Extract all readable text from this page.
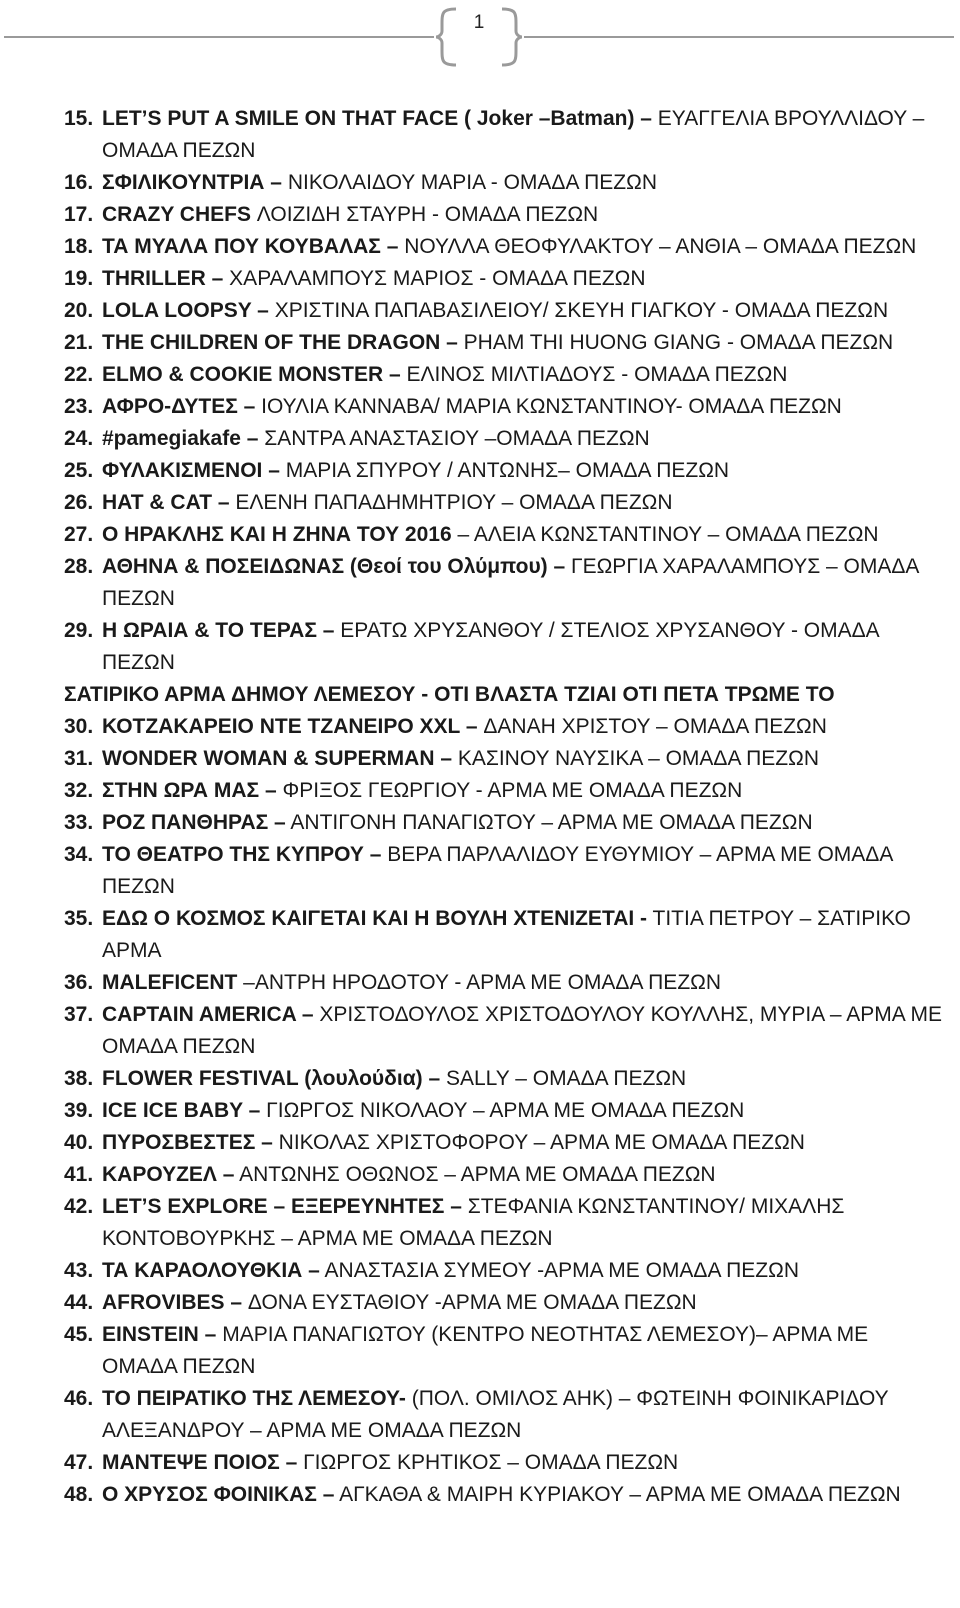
1
15. LET’S PUT A SMILE ON THAT FACE ( Joker –Batman) – ΕΥΑΓΓΕΛΙΑ ΒΡΟΥΛΛΙΔΟΥ – ΟΜΑΔΑ ΠΕΖΩΝ
16. ΣΦΙΛΙΚΟΥΝΤΡΙΑ – ΝΙΚΟΛΑΙΔΟΥ ΜΑΡΙΑ - ΟΜΑΔΑ ΠΕΖΩΝ
17. CRAZY CHEFS ΛΟΙΖΙΔΗ ΣΤΑΥΡΗ - ΟΜΑΔΑ ΠΕΖΩΝ
18. ΤΑ ΜΥΑΛΑ ΠΟΥ ΚΟΥΒΑΛΑΣ – ΝΟΥΛΛΑ ΘΕΟΦΥΛΑΚΤΟΥ – ΑΝΘΙΑ – ΟΜΑΔΑ ΠΕΖΩΝ
19. THRILLER – ΧΑΡΑΛΑΜΠΟΥΣ ΜΑΡΙΟΣ - ΟΜΑΔΑ ΠΕΖΩΝ
20. LOLA LOOPSY – ΧΡΙΣΤΙΝΑ ΠΑΠΑΒΑΣΙΛΕΙΟΥ/ ΣΚΕΥΗ ΓΙΑΓΚΟΥ - ΟΜΑΔΑ ΠΕΖΩΝ
21. THE CHILDREN OF THE DRAGON – PHAM THI HUONG GIANG - ΟΜΑΔΑ ΠΕΖΩΝ
22. ELMO & COOKIE MONSTER – ΕΛΙΝΟΣ ΜΙΛΤΙΑΔΟΥΣ - ΟΜΑΔΑ ΠΕΖΩΝ
23. ΑΦΡΟ-ΔΥΤΕΣ – ΙΟΥΛΙΑ ΚΑΝΝΑΒΑ/ ΜΑΡΙΑ ΚΩΝΣΤΑΝΤΙΝΟΥ- ΟΜΑΔΑ ΠΕΖΩΝ
24. #pamegiakafe – ΣΑΝΤΡΑ ΑΝΑΣΤΑΣΙΟΥ –ΟΜΑΔΑ ΠΕΖΩΝ
25. ΦΥΛΑΚΙΣΜΕΝΟΙ – ΜΑΡΙΑ ΣΠΥΡΟΥ / ΑΝΤΩΝΗΣ– ΟΜΑΔΑ ΠΕΖΩΝ
26. HAT & CAT – ΕΛΕΝΗ ΠΑΠΑΔΗΜΗΤΡΙΟΥ – ΟΜΑΔΑ ΠΕΖΩΝ
27. Ο ΗΡΑΚΛΗΣ ΚΑΙ Η ΖΗΝΑ ΤΟΥ 2016 – ΑΛΕΙΑ ΚΩΝΣΤΑΝΤΙΝΟΥ – ΟΜΑΔΑ ΠΕΖΩΝ
28. ΑΘΗΝΑ & ΠΟΣΕΙΔΩΝΑΣ (Θεοί του Ολύμπου) – ΓΕΩΡΓΙΑ ΧΑΡΑΛΑΜΠΟΥΣ – ΟΜΑΔΑ ΠΕΖΩΝ
29. Η ΩΡΑΙΑ & ΤΟ ΤΕΡΑΣ – ΕΡΑΤΩ ΧΡΥΣΑΝΘΟΥ / ΣΤΕΛΙΟΣ ΧΡΥΣΑΝΘΟΥ - ΟΜΑΔΑ ΠΕΖΩΝ
ΣΑΤΙΡΙΚΟ ΑΡΜΑ ΔΗΜΟΥ ΛΕΜΕΣΟΥ - ΟΤΙ ΒΛΑΣΤΑ ΤΖΙΑΙ ΟΤΙ ΠΕΤΑ ΤΡΩΜΕ ΤΟ
30. ΚΟΤΖΑΚΑΡΕΙΟ ΝΤΕ ΤΖΑΝΕΙΡΟ XXL – ΔΑΝΑΗ ΧΡΙΣΤΟΥ – ΟΜΑΔΑ ΠΕΖΩΝ
31. WONDER WOMAN & SUPERMAN – ΚΑΣΙΝΟΥ ΝΑΥΣΙΚΑ – ΟΜΑΔΑ ΠΕΖΩΝ
32. ΣΤΗΝ ΩΡΑ ΜΑΣ – ΦΡΙΞΟΣ ΓΕΩΡΓΙΟΥ - ΑΡΜΑ ΜΕ ΟΜΑΔΑ ΠΕΖΩΝ
33. ΡΟΖ ΠΑΝΘΗΡΑΣ – ΑΝΤΙΓΟΝΗ ΠΑΝΑΓΙΩΤΟΥ – ΑΡΜΑ ΜΕ ΟΜΑΔΑ ΠΕΖΩΝ
34. ΤΟ ΘΕΑΤΡΟ ΤΗΣ ΚΥΠΡΟΥ – ΒΕΡΑ ΠΑΡΛΑΛΙΔΟΥ ΕΥΘΥΜΙΟΥ – ΑΡΜΑ ΜΕ ΟΜΑΔΑ ΠΕΖΩΝ
35. ΕΔΩ Ο ΚΟΣΜΟΣ ΚΑΙΓΕΤΑΙ ΚΑΙ Η ΒΟΥΛΗ ΧΤΕΝΙΖΕΤΑΙ - ΤΙΤΙΑ ΠΕΤΡΟΥ – ΣΑΤΙΡΙΚΟ ΑΡΜΑ
36. MALEFICENT –ΑΝΤΡΗ ΗΡΟΔΟΤΟΥ - ΑΡΜΑ ΜΕ ΟΜΑΔΑ ΠΕΖΩΝ
37. CAPTAIN AMERICA – ΧΡΙΣΤΟΔΟΥΛΟΣ ΧΡΙΣΤΟΔΟΥΛΟΥ ΚΟΥΛΛΗΣ, ΜΥΡΙΑ – ΑΡΜΑ ΜΕ ΟΜΑΔΑ ΠΕΖΩΝ
38. FLOWER FESTIVAL (λουλούδια) – SALLY – ΟΜΑΔΑ ΠΕΖΩΝ
39. ICE ICE BABY – ΓΙΩΡΓΟΣ ΝΙΚΟΛΑΟΥ – ΑΡΜΑ ΜΕ ΟΜΑΔΑ ΠΕΖΩΝ
40. ΠΥΡΟΣΒΕΣΤΕΣ – ΝΙΚΟΛΑΣ ΧΡΙΣΤΟΦΟΡΟΥ – ΑΡΜΑ ΜΕ ΟΜΑΔΑ ΠΕΖΩΝ
41. ΚΑΡΟΥΖΕΛ – ΑΝΤΩΝΗΣ ΟΘΩΝΟΣ – ΑΡΜΑ ΜΕ ΟΜΑΔΑ ΠΕΖΩΝ
42. LET’S EXPLORE – ΕΞΕΡΕΥΝΗΤΕΣ – ΣΤΕΦΑΝΙΑ ΚΩΝΣΤΑΝΤΙΝΟΥ/ ΜΙΧΑΛΗΣ ΚΟΝΤΟΒΟΥΡΚΗΣ – ΑΡΜΑ ΜΕ ΟΜΑΔΑ ΠΕΖΩΝ
43. ΤΑ ΚΑΡΑΟΛΟΥΘΚΙΑ – ΑΝΑΣΤΑΣΙΑ ΣΥΜΕΟΥ -ΑΡΜΑ ΜΕ ΟΜΑΔΑ ΠΕΖΩΝ
44. AFROVIBES – ΔΟΝΑ ΕΥΣΤΑΘΙΟΥ -ΑΡΜΑ ΜΕ ΟΜΑΔΑ ΠΕΖΩΝ
45. EINSTEIN – ΜΑΡΙΑ ΠΑΝΑΓΙΩΤΟΥ (ΚΕΝΤΡΟ ΝΕΟΤΗΤΑΣ ΛΕΜΕΣΟΥ)– ΑΡΜΑ ΜΕ ΟΜΑΔΑ ΠΕΖΩΝ
46. ΤΟ ΠΕΙΡΑΤΙΚΟ ΤΗΣ ΛΕΜΕΣΟΥ- (ΠΟΛ. ΟΜΙΛΟΣ ΑΗΚ) – ΦΩΤΕΙΝΗ ΦΟΙΝΙΚΑΡΙΔΟΥ ΑΛΕΞΑΝΔΡΟΥ – ΑΡΜΑ ΜΕ ΟΜΑΔΑ ΠΕΖΩΝ
47. ΜΑΝΤΕΨΕ ΠΟΙΟΣ – ΓΙΩΡΓΟΣ ΚΡΗΤΙΚΟΣ – ΟΜΑΔΑ ΠΕΖΩΝ
48. Ο ΧΡΥΣΟΣ ΦΟΙΝΙΚΑΣ – ΑΓΚΑΘΑ & ΜΑΙΡΗ ΚΥΡΙΑΚΟΥ – ΑΡΜΑ ΜΕ ΟΜΑΔΑ ΠΕΖΩΝ
